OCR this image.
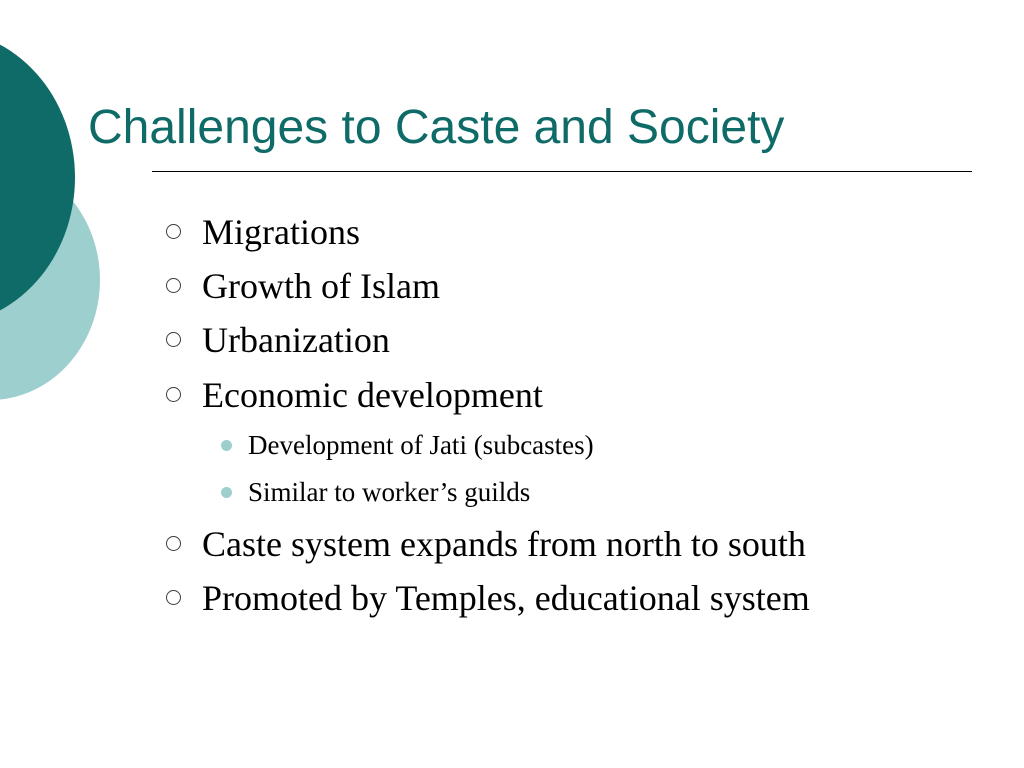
Challenges to Caste and Society
Migrations
Growth of Islam
Urbanization
Economic development
Development of Jati (subcastes)
Similar to worker’s guilds
Caste system expands from north to south
Promoted by Temples, educational system
